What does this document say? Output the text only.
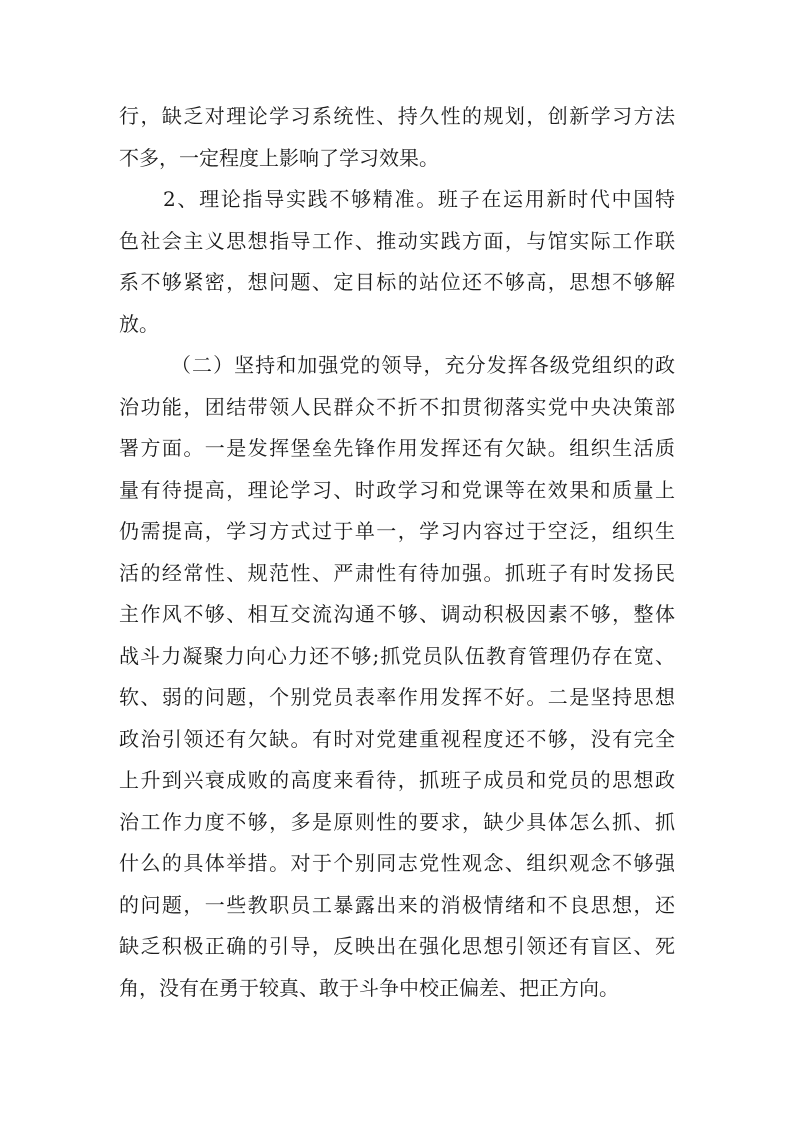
行，缺乏对理论学习系统性、持久性的规划，创新学习方法
不多，一定程度上影响了学习效果。
2、理论指导实践不够精准。班子在运用新时代中国特
色社会主义思想指导工作、推动实践方面，与馆实际工作联
系不够紧密，想问题、定目标的站位还不够高，思想不够解
放。
（二）坚持和加强党的领导，充分发挥各级党组织的政
治功能，团结带领人民群众不折不扣贯彻落实党中央决策部
署方面。一是发挥堡垒先锋作用发挥还有欠缺。组织生活质
量有待提高，理论学习、时政学习和党课等在效果和质量上
仍需提高，学习方式过于单一，学习内容过于空泛，组织生
活的经常性、规范性、严肃性有待加强。抓班子有时发扬民
主作风不够、相互交流沟通不够、调动积极因素不够，整体
战斗力凝聚力向心力还不够;抓党员队伍教育管理仍存在宽、
软、弱的问题，个别党员表率作用发挥不好。二是坚持思想
政治引领还有欠缺。有时对党建重视程度还不够，没有完全
上升到兴衰成败的高度来看待，抓班子成员和党员的思想政
治工作力度不够，多是原则性的要求，缺少具体怎么抓、抓
什么的具体举措。对于个别同志党性观念、组织观念不够强
的问题，一些教职员工暴露出来的消极情绪和不良思想，还
缺乏积极正确的引导，反映出在强化思想引领还有盲区、死
角，没有在勇于较真、敢于斗争中校正偏差、把正方向。
